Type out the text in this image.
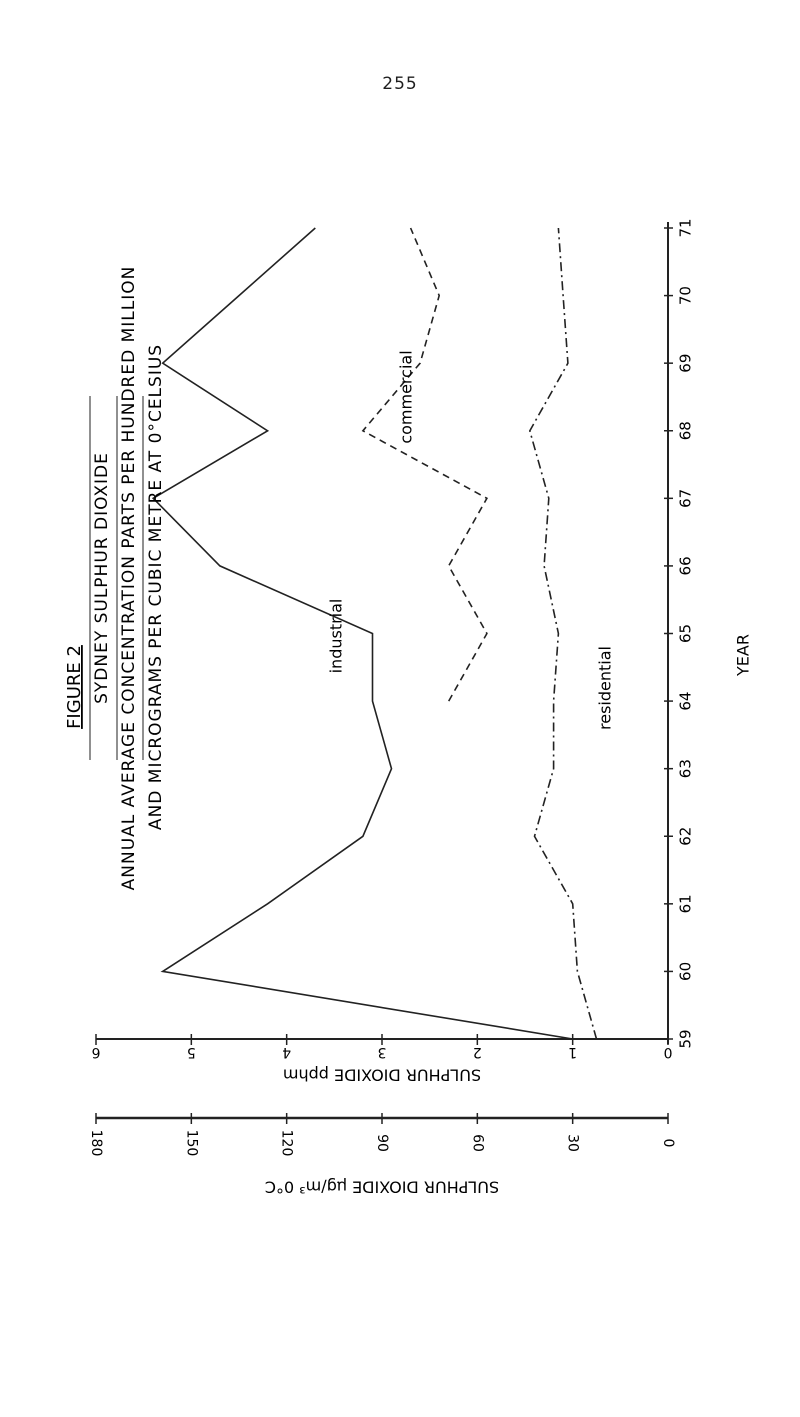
255
59
60
61
62
63
64
65
66
67
68
69
70
71
YEAR
6	5	4	3	2	1	0
SULPHUR DIOXIDE pphm
180	150	120	90	60	30	0
SULPHUR DIOXIDE μg/m³ 0°C
industrial
commercial
residential
FIGURE 2 SYDNEY SULPHUR DIOXIDE ANNUAL AVERAGE CONCENTRATION PARTS PER HUNDRED MILLION AND MICROGRAMS PER CUBIC METRE AT 0°CELSIUS
